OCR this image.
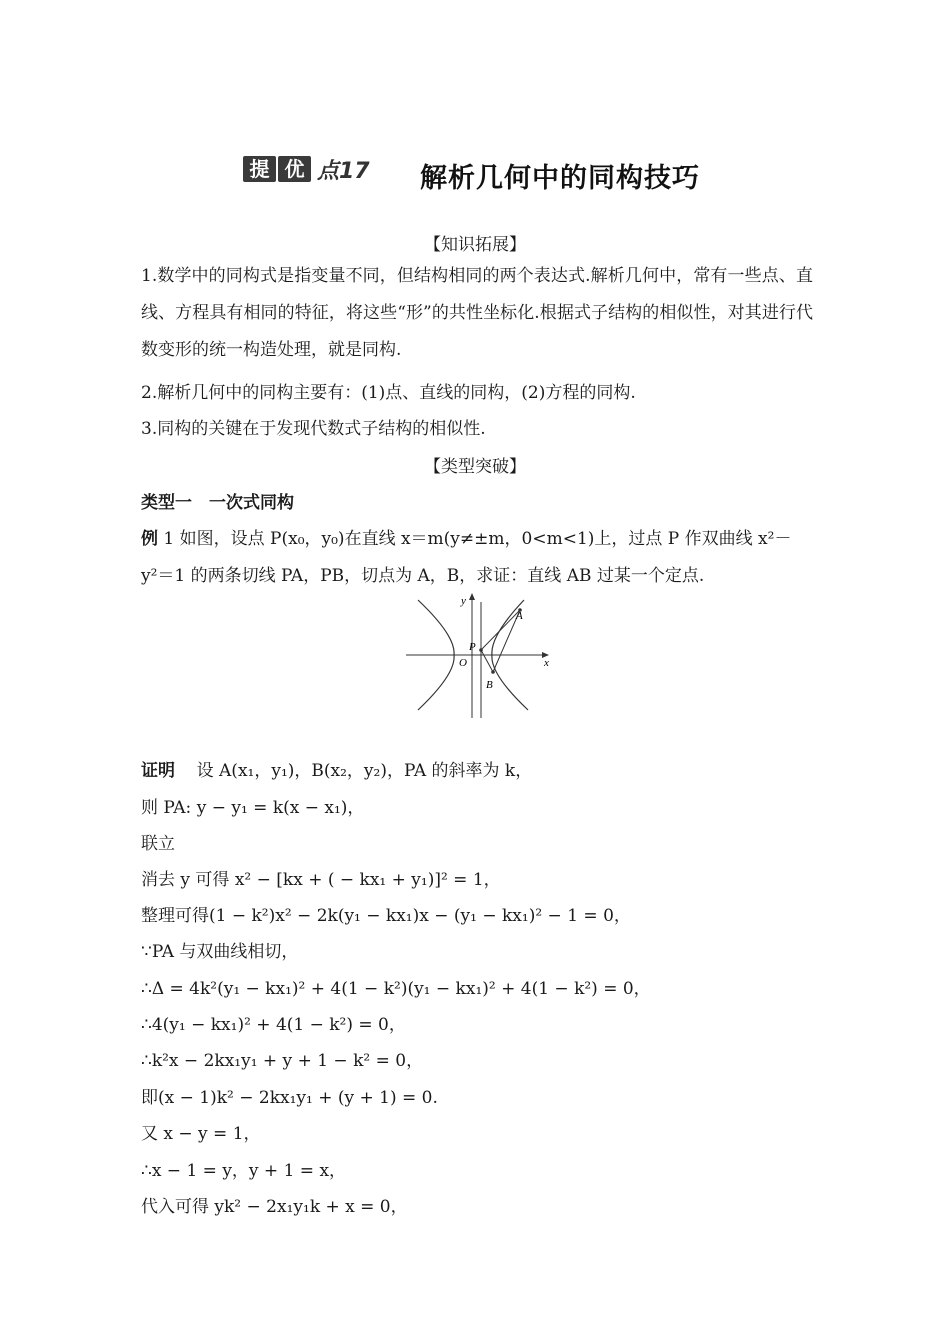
提 优 点17 解析几何中的同构技巧
【知识拓展】
1.数学中的同构式是指变量不同，但结构相同的两个表达式.解析几何中，常有一些点、直线、方程具有相同的特征，将这些“形”的共性坐标化.根据式子结构的相似性，对其进行代数变形的统一构造处理，就是同构.
2.解析几何中的同构主要有：(1)点、直线的同构，(2)方程的同构.
3.同构的关键在于发现代数式子结构的相似性.
【类型突破】
类型一　一次式同构
例 1 如图，设点 P(x₀，y₀)在直线 x＝m(y≠±m，0<m<1)上，过点 P 作双曲线 x²－
y²＝1 的两条切线 PA，PB，切点为 A，B，求证：直线 AB 过某一个定点.
x
y
O
P
A
B
证明 设 A(x₁，y₁)，B(x₂，y₂)，PA 的斜率为 k，
则 PA: y − y₁ = k(x − x₁)，
联立
消去 y 可得 x² − [kx + ( − kx₁ + y₁)]² = 1，
整理可得(1 − k²)x² − 2k(y₁ − kx₁)x − (y₁ − kx₁)² − 1 = 0，
∵PA 与双曲线相切，
∴Δ = 4k²(y₁ − kx₁)² + 4(1 − k²)(y₁ − kx₁)² + 4(1 − k²) = 0，
∴4(y₁ − kx₁)² + 4(1 − k²) = 0，
∴k²x − 2kx₁y₁ + y + 1 − k² = 0，
即(x − 1)k² − 2kx₁y₁ + (y + 1) = 0.
又 x − y = 1，
∴x − 1 = y，y + 1 = x，
代入可得 yk² − 2x₁y₁k + x = 0，
